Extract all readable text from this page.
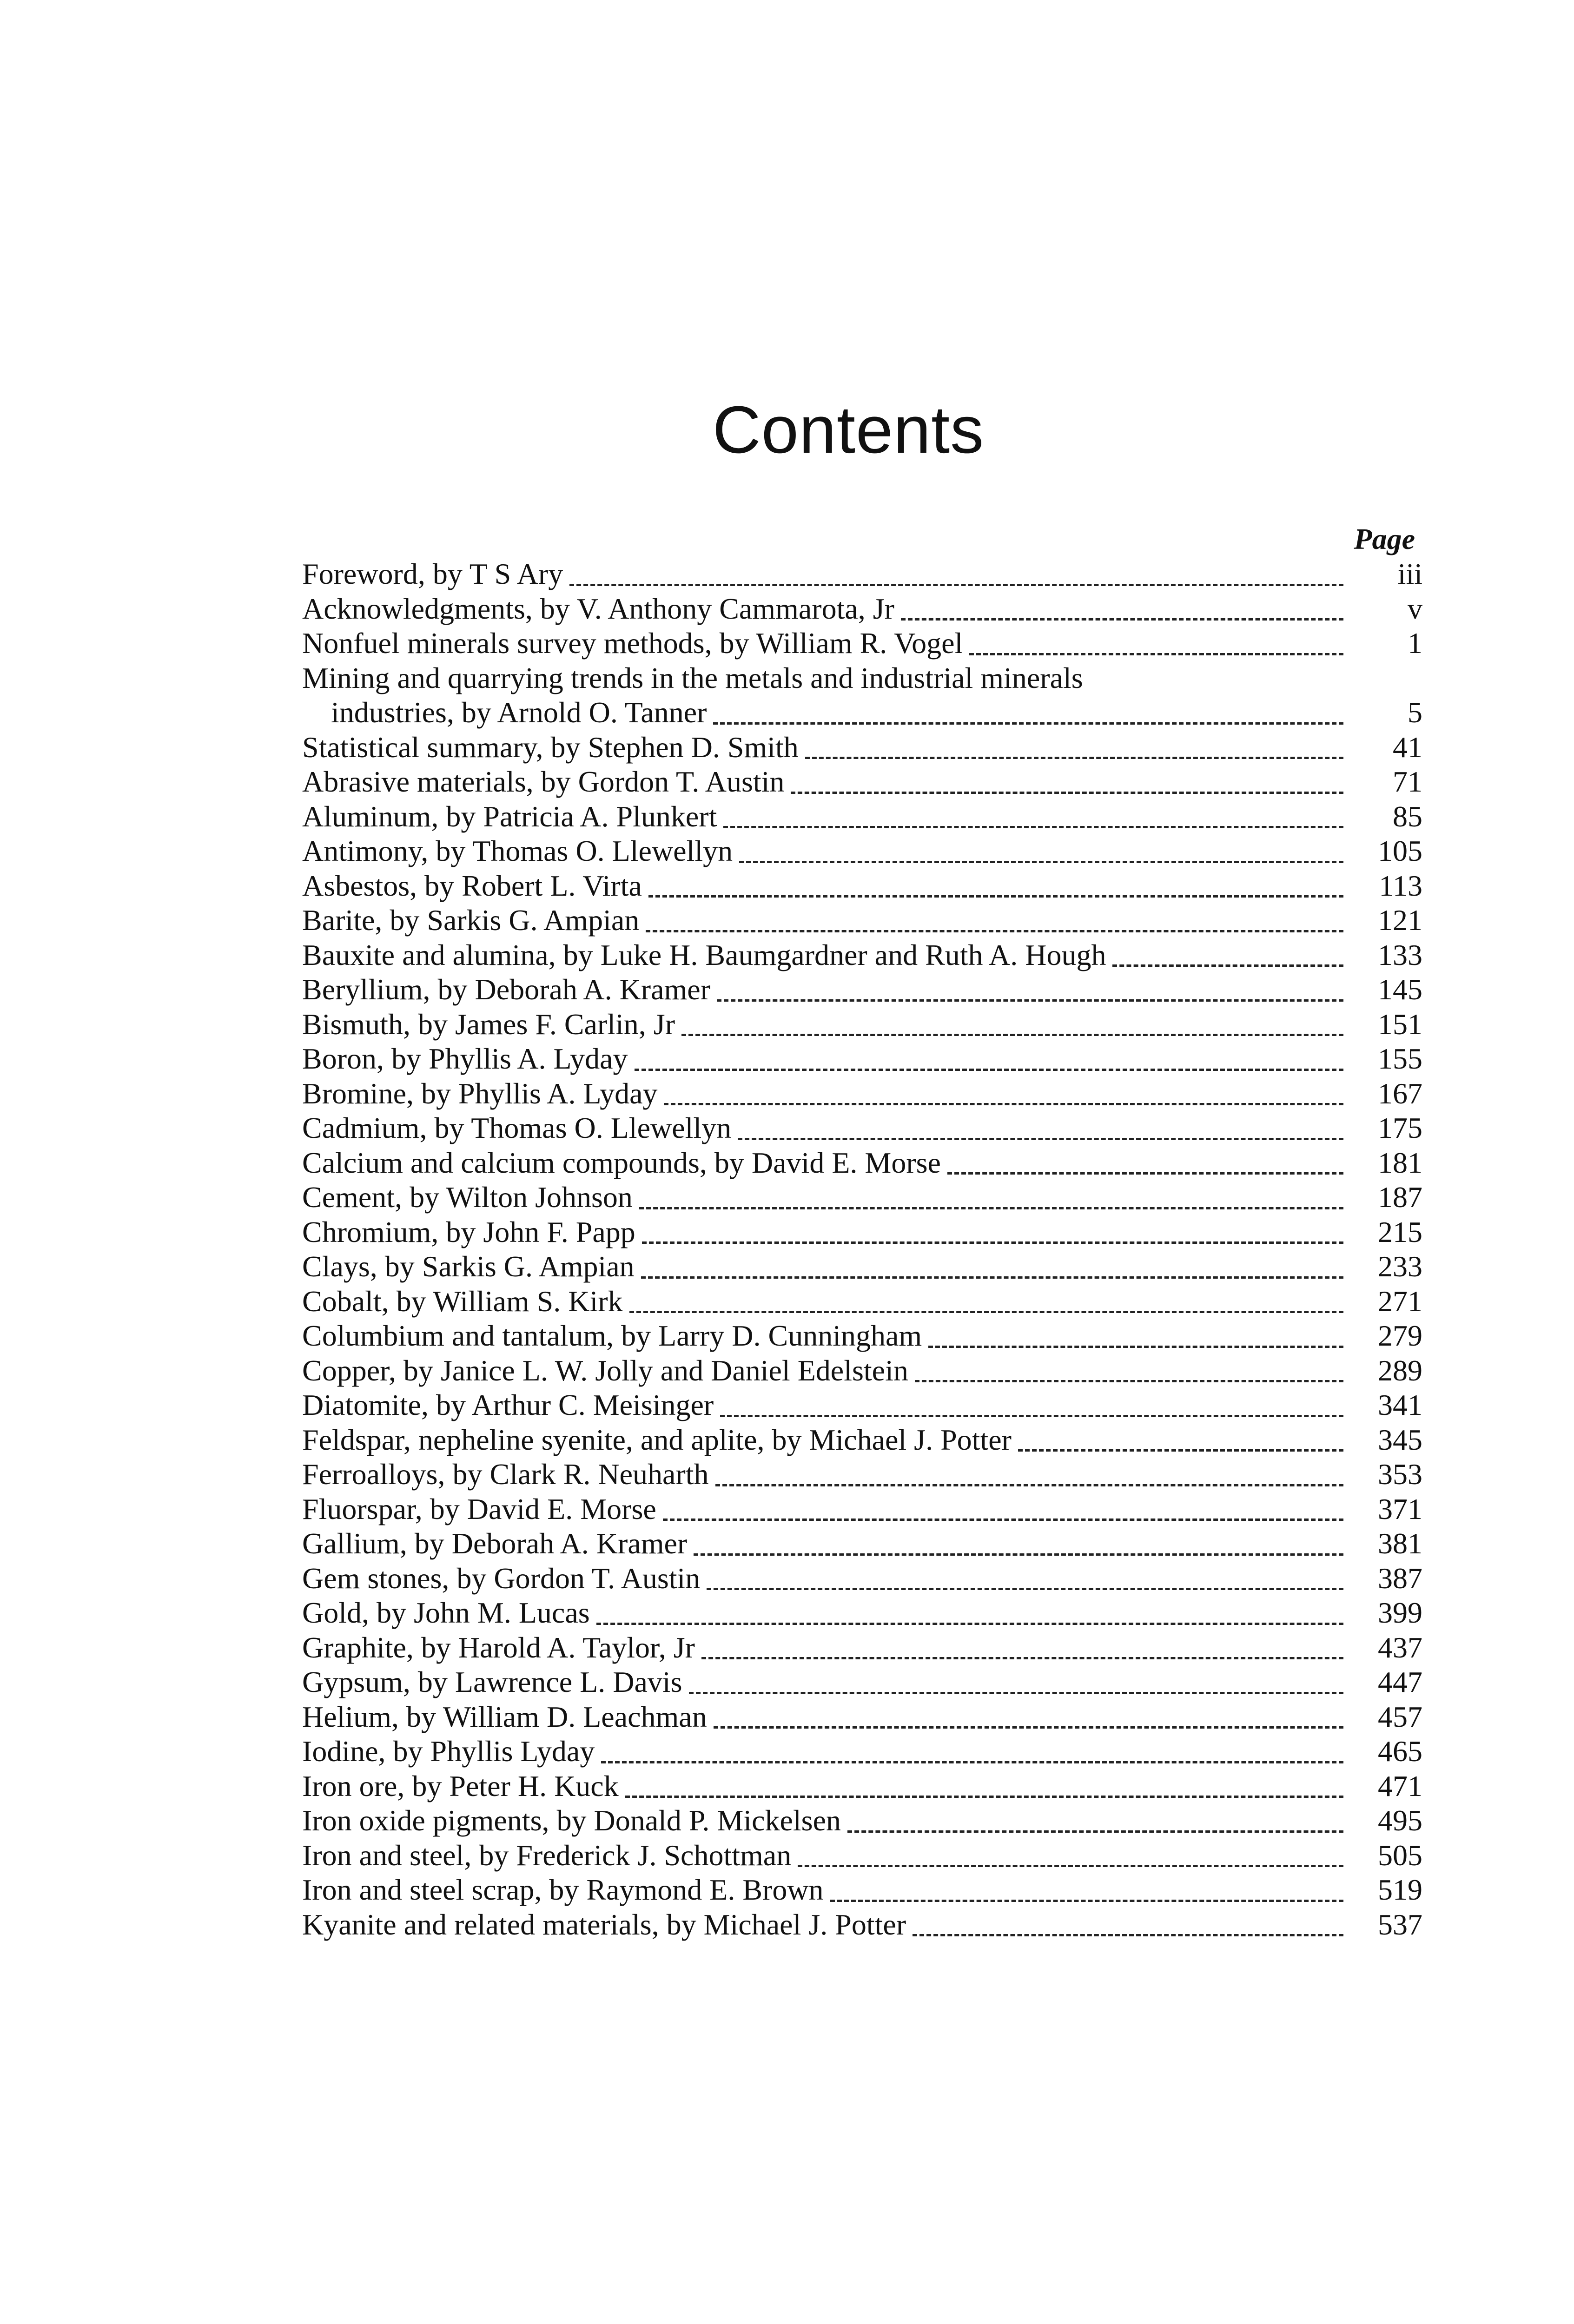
Contents
Page
Foreword, by T S Ary	iii
Acknowledgments, by V. Anthony Cammarota, Jr	v
Nonfuel minerals survey methods, by William R. Vogel	1
Mining and quarrying trends in the metals and industrial minerals
industries, by Arnold O. Tanner	5
Statistical summary, by Stephen D. Smith	41
Abrasive materials, by Gordon T. Austin	71
Aluminum, by Patricia A. Plunkert	85
Antimony, by Thomas O. Llewellyn	105
Asbestos, by Robert L. Virta	113
Barite, by Sarkis G. Ampian	121
Bauxite and alumina, by Luke H. Baumgardner and Ruth A. Hough	133
Beryllium, by Deborah A. Kramer	145
Bismuth, by James F. Carlin, Jr	151
Boron, by Phyllis A. Lyday	155
Bromine, by Phyllis A. Lyday	167
Cadmium, by Thomas O. Llewellyn	175
Calcium and calcium compounds, by David E. Morse	181
Cement, by Wilton Johnson	187
Chromium, by John F. Papp	215
Clays, by Sarkis G. Ampian	233
Cobalt, by William S. Kirk	271
Columbium and tantalum, by Larry D. Cunningham	279
Copper, by Janice L. W. Jolly and Daniel Edelstein	289
Diatomite, by Arthur C. Meisinger	341
Feldspar, nepheline syenite, and aplite, by Michael J. Potter	345
Ferroalloys, by Clark R. Neuharth	353
Fluorspar, by David E. Morse	371
Gallium, by Deborah A. Kramer	381
Gem stones, by Gordon T. Austin	387
Gold, by John M. Lucas	399
Graphite, by Harold A. Taylor, Jr	437
Gypsum, by Lawrence L. Davis	447
Helium, by William D. Leachman	457
Iodine, by Phyllis Lyday	465
Iron ore, by Peter H. Kuck	471
Iron oxide pigments, by Donald P. Mickelsen	495
Iron and steel, by Frederick J. Schottman	505
Iron and steel scrap, by Raymond E. Brown	519
Kyanite and related materials, by Michael J. Potter	537
